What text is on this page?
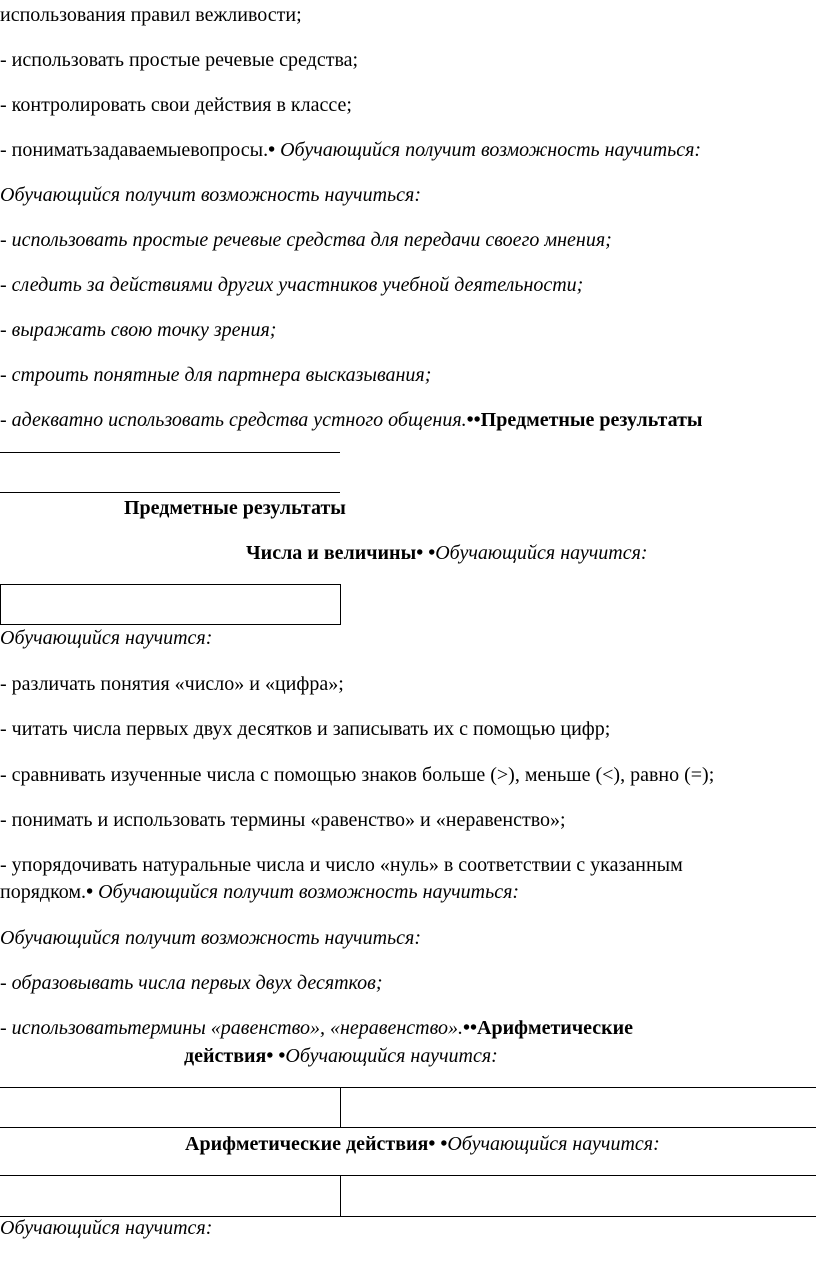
использования правил вежливости;

- использовать простые речевые средства;

- контролировать свои действия в классе;

- пониматьзадаваемыевопросы.• Обучающийся получит возможность научиться:

Обучающийся получит возможность научиться:

- использовать простые речевые средства для передачи своего мнения;

- следить за действиями других участников учебной деятельности;

- выражать свою точку зрения;

- строить понятные для партнера высказывания;

- адекватно использовать средства устного общения.••Предметные результаты

Предметные результаты

Числа и величины• •Обучающийся научится:

Обучающийся научится:

- различать понятия «число» и «цифра»;

- читать числа первых двух десятков и записывать их с помощью цифр;

- сравнивать изученные числа с помощью знаков больше (>), меньше (<), равно (=);

- понимать и использовать термины «равенство» и «неравенство»;

- упорядочивать натуральные числа и число «нуль» в соответствии с указанным

порядком.• Обучающийся получит возможность научиться:

Обучающийся получит возможность научиться:

- образовывать числа первых двух десятков;

- использоватьтермины «равенство», «неравенство».••Арифметические

действия• •Обучающийся научится:

Арифметические действия• •Обучающийся научится:

Обучающийся научится:
